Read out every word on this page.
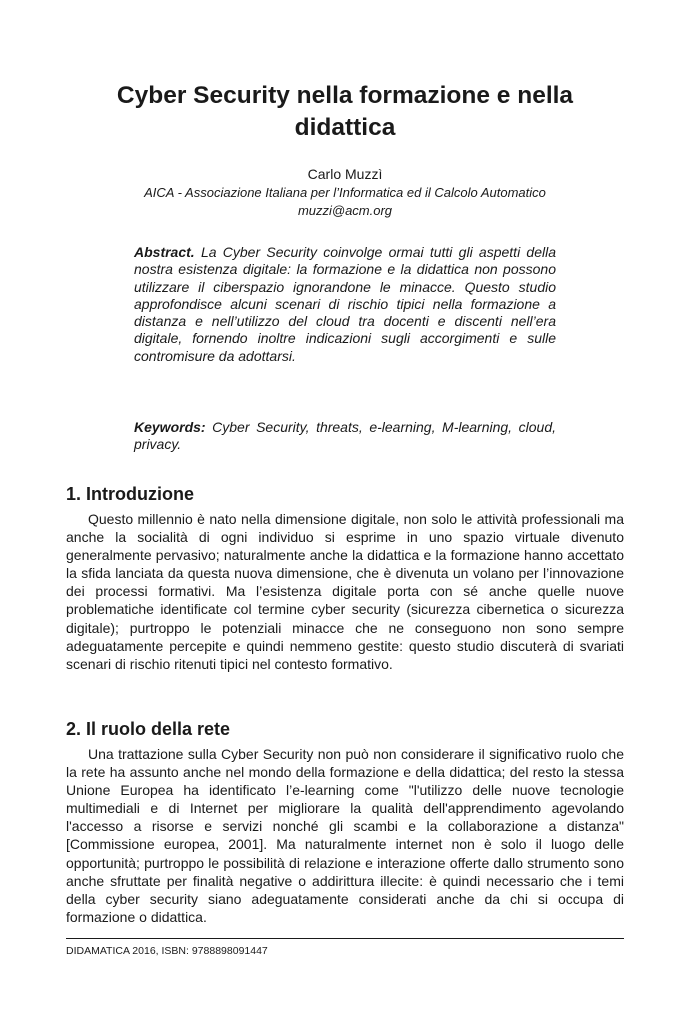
Cyber Security nella formazione e nella didattica
Carlo Muzzì
AICA - Associazione Italiana per l’Informatica ed il Calcolo Automatico
muzzi@acm.org

Abstract. La Cyber Security coinvolge ormai tutti gli aspetti della nostra esistenza digitale: la formazione e la didattica non possono utilizzare il ciberspazio ignorandone le minacce. Questo studio approfondisce alcuni scenari di rischio tipici nella formazione a distanza e nell’utilizzo del cloud tra docenti e discenti nell’era digitale, fornendo inoltre indicazioni sugli accorgimenti e sulle contromisure da adottarsi.

Keywords: Cyber Security, threats, e-learning, M-learning, cloud, privacy.

1. Introduzione

Questo millennio è nato nella dimensione digitale, non solo le attività professionali ma anche la socialità di ogni individuo si esprime in uno spazio virtuale divenuto generalmente pervasivo; naturalmente anche la didattica e la formazione hanno accettato la sfida lanciata da questa nuova dimensione, che è divenuta un volano per l’innovazione dei processi formativi. Ma l’esistenza digitale porta con sé anche quelle nuove problematiche identificate col termine cyber security (sicurezza cibernetica o sicurezza digitale); purtroppo le potenziali minacce che ne conseguono non sono sempre adeguatamente percepite e quindi nemmeno gestite: questo studio discuterà di svariati scenari di rischio ritenuti tipici nel contesto formativo.

2. Il ruolo della rete

Una trattazione sulla Cyber Security non può non considerare il significativo ruolo che la rete ha assunto anche nel mondo della formazione e della didattica; del resto la stessa Unione Europea ha identificato l’e-learning come "l'utilizzo delle nuove tecnologie multimediali e di Internet per migliorare la qualità dell'apprendimento agevolando l'accesso a risorse e servizi nonché gli scambi e la collaborazione a distanza" [Commissione europea, 2001]. Ma naturalmente internet non è solo il luogo delle opportunità; purtroppo le possibilità di relazione e interazione offerte dallo strumento sono anche sfruttate per finalità negative o addirittura illecite: è quindi necessario che i temi della cyber security siano adeguatamente considerati anche da chi si occupa di formazione o didattica.

DIDAMATICA 2016, ISBN: 9788898091447
